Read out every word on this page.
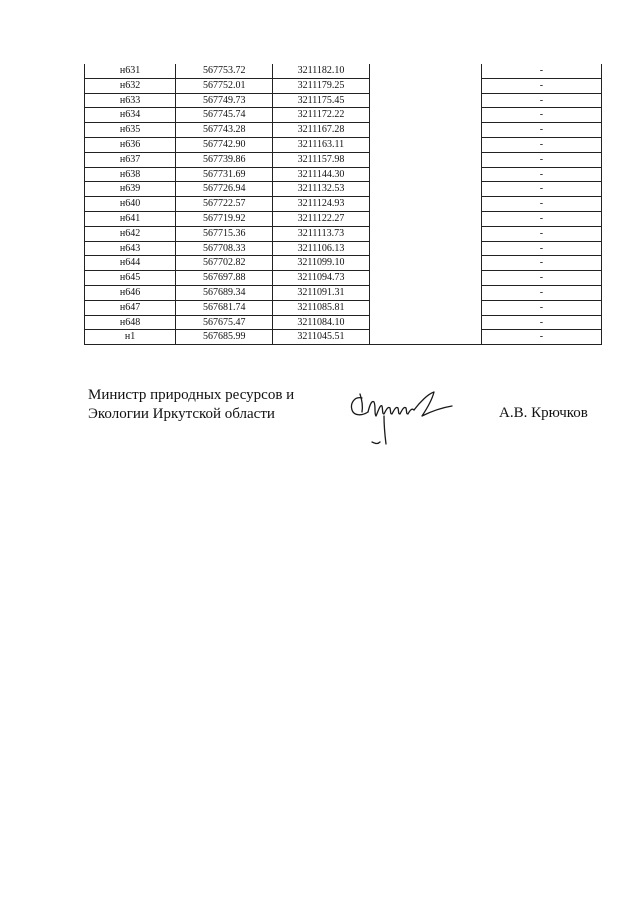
н631	567753.72	3211182.10		-
н632	567752.01	3211179.25		-
н633	567749.73	3211175.45		-
н634	567745.74	3211172.22		-
н635	567743.28	3211167.28		-
н636	567742.90	3211163.11		-
н637	567739.86	3211157.98		-
н638	567731.69	3211144.30		-
н639	567726.94	3211132.53		-
н640	567722.57	3211124.93		-
н641	567719.92	3211122.27		-
н642	567715.36	3211113.73		-
н643	567708.33	3211106.13		-
н644	567702.82	3211099.10		-
н645	567697.88	3211094.73		-
н646	567689.34	3211091.31		-
н647	567681.74	3211085.81		-
н648	567675.47	3211084.10		-
н1	567685.99	3211045.51		-
Министр природных ресурсов и
Экологии Иркутской области	А.В. Крючков
